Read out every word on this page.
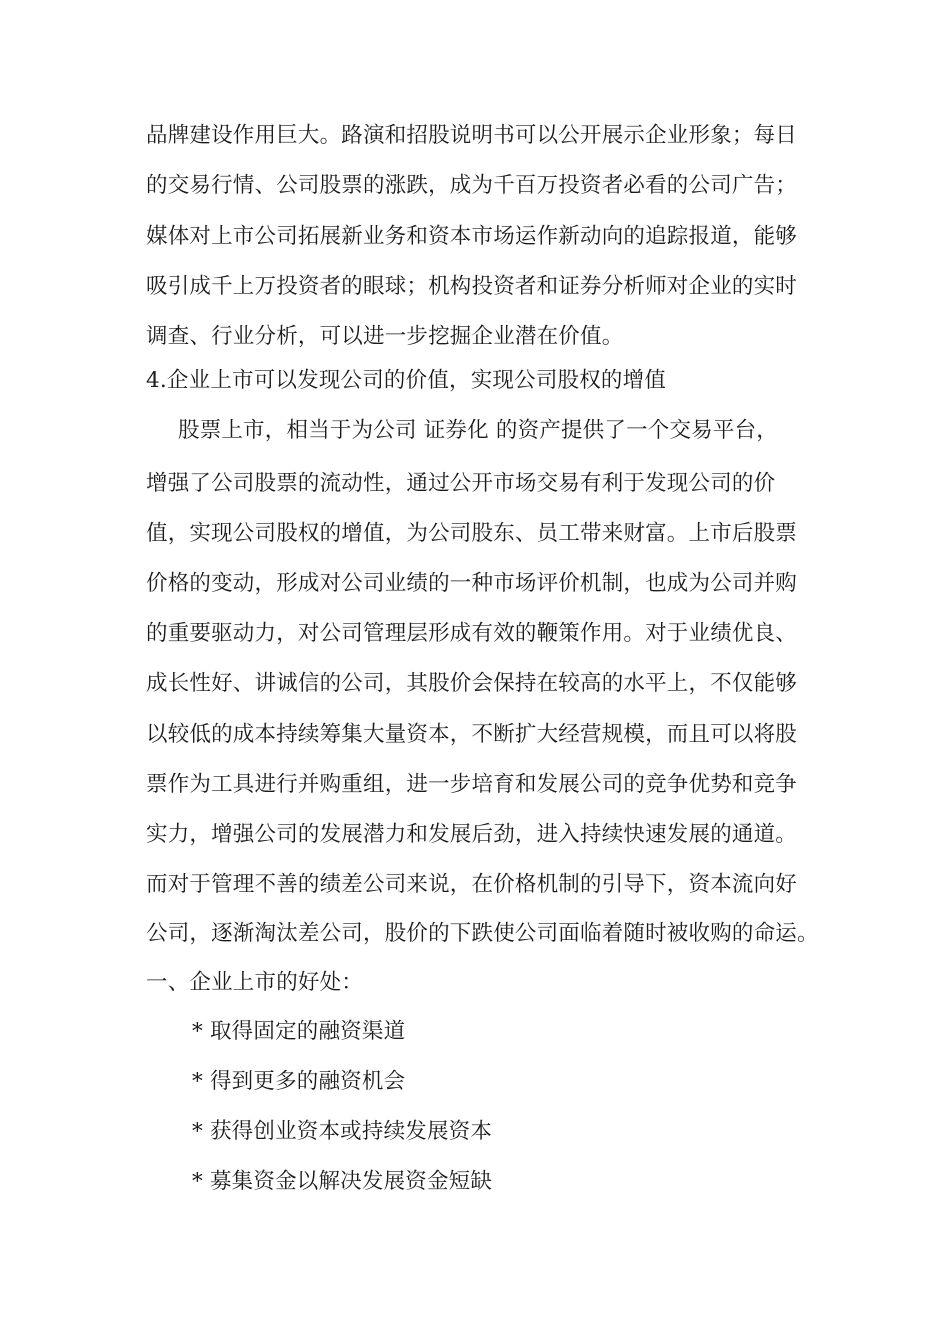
品牌建设作用巨大。路演和招股说明书可以公开展示企业形象；每日
的交易行情、公司股票的涨跌，成为千百万投资者必看的公司广告；
媒体对上市公司拓展新业务和资本市场运作新动向的追踪报道，能够
吸引成千上万投资者的眼球；机构投资者和证券分析师对企业的实时
调查、行业分析，可以进一步挖掘企业潜在价值。
4.企业上市可以发现公司的价值，实现公司股权的增值
股票上市，相当于为公司 证券化 的资产提供了一个交易平台，
增强了公司股票的流动性，通过公开市场交易有利于发现公司的价
值，实现公司股权的增值，为公司股东、员工带来财富。上市后股票
价格的变动，形成对公司业绩的一种市场评价机制，也成为公司并购
的重要驱动力，对公司管理层形成有效的鞭策作用。对于业绩优良、
成长性好、讲诚信的公司，其股价会保持在较高的水平上，不仅能够
以较低的成本持续筹集大量资本，不断扩大经营规模，而且可以将股
票作为工具进行并购重组，进一步培育和发展公司的竞争优势和竞争
实力，增强公司的发展潜力和发展后劲，进入持续快速发展的通道。
而对于管理不善的绩差公司来说，在价格机制的引导下，资本流向好
公司，逐渐淘汰差公司，股价的下跌使公司面临着随时被收购的命运。
一、企业上市的好处：
* 取得固定的融资渠道
* 得到更多的融资机会
* 获得创业资本或持续发展资本
* 募集资金以解决发展资金短缺
